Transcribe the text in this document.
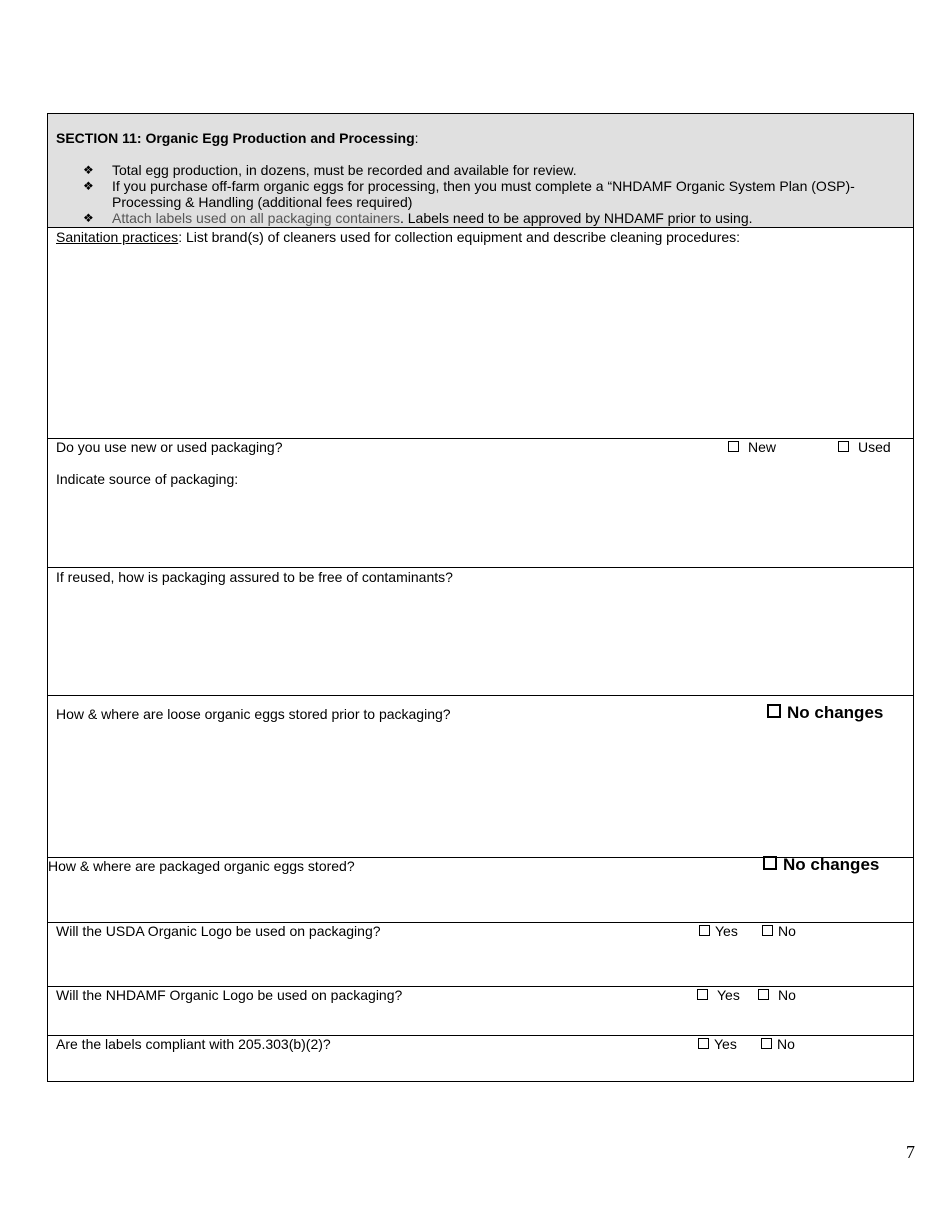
SECTION 11: Organic Egg Production and Processing:
❖ Total egg production, in dozens, must be recorded and available for review.
❖ If you purchase off-farm organic eggs for processing, then you must complete a “NHDAMF Organic System Plan (OSP)-Processing & Handling (additional fees required)
❖ Attach labels used on all packaging containers. Labels need to be approved by NHDAMF prior to using.
Sanitation practices: List brand(s) of cleaners used for collection equipment and describe cleaning procedures:
Do you use new or used packaging?	New	Used
Indicate source of packaging:
If reused, how is packaging assured to be free of contaminants?
How & where are loose organic eggs stored prior to packaging?	No changes
How & where are packaged organic eggs stored?	No changes
Will the USDA Organic Logo be used on packaging?	Yes	No
Will the NHDAMF Organic Logo be used on packaging?	Yes	No
Are the labels compliant with 205.303(b)(2)?	Yes	No
7
